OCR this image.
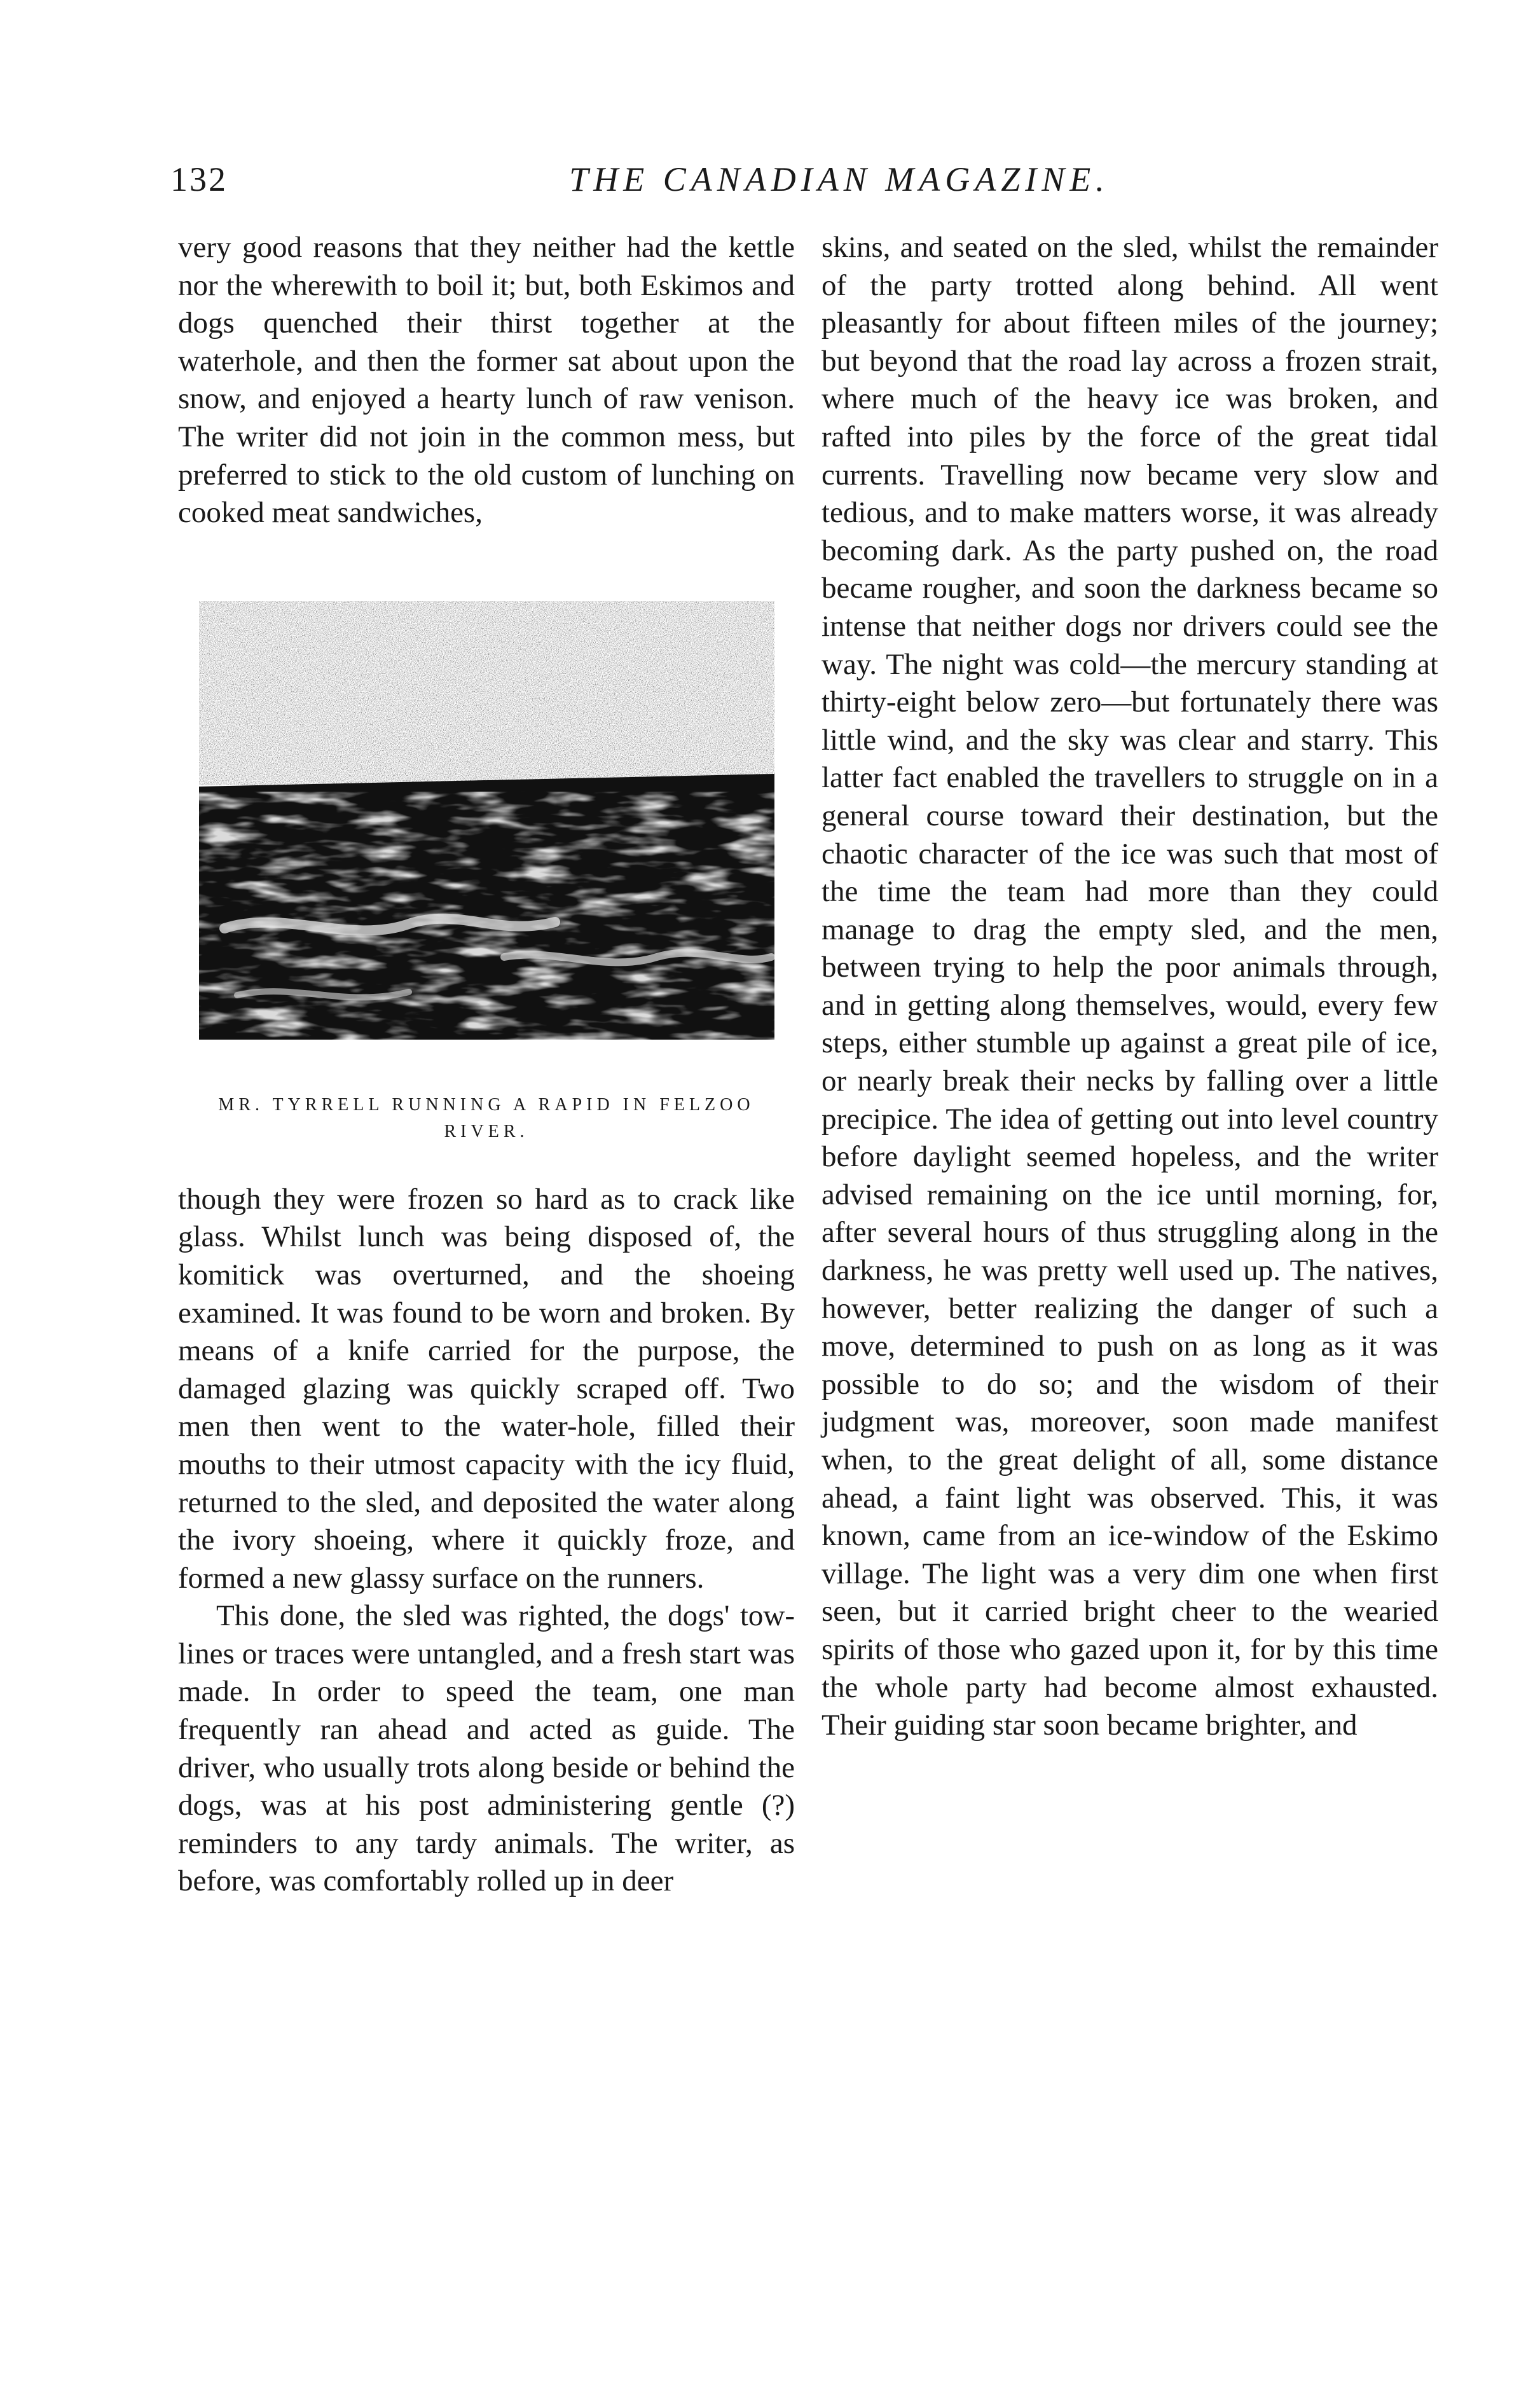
132	THE CANADIAN MAGAZINE.

very good reasons that they neither had the kettle nor the wherewith to boil it; but, both Eskimos and dogs quenched their thirst together at the waterhole, and then the former sat about upon the snow, and enjoyed a hearty lunch of raw venison. The writer did not join in the common mess, but preferred to stick to the old custom of lunching on cooked meat sandwiches,

MR. TYRRELL RUNNING A RAPID IN FELZOO RIVER.

though they were frozen so hard as to crack like glass. Whilst lunch was being disposed of, the komitick was overturned, and the shoeing examined. It was found to be worn and broken. By means of a knife carried for the purpose, the damaged glazing was quickly scraped off. Two men then went to the water-hole, filled their mouths to their utmost capacity with the icy fluid, returned to the sled, and deposited the water along the ivory shoeing, where it quickly froze, and formed a new glassy surface on the runners.

This done, the sled was righted, the dogs' tow-lines or traces were untangled, and a fresh start was made. In order to speed the team, one man frequently ran ahead and acted as guide. The driver, who usually trots along beside or behind the dogs, was at his post administering gentle (?) reminders to any tardy animals. The writer, as before, was comfortably rolled up in deer

skins, and seated on the sled, whilst the remainder of the party trotted along behind. All went pleasantly for about fifteen miles of the journey; but beyond that the road lay across a frozen strait, where much of the heavy ice was broken, and rafted into piles by the force of the great tidal currents. Travelling now became very slow and tedious, and to make matters worse, it was already becoming dark. As the party pushed on, the road became rougher, and soon the darkness became so intense that neither dogs nor drivers could see the way. The night was cold—the mercury standing at thirty-eight below zero—but fortunately there was little wind, and the sky was clear and starry. This latter fact enabled the travellers to struggle on in a general course toward their destination, but the chaotic character of the ice was such that most of the time the team had more than they could manage to drag the empty sled, and the men, between trying to help the poor animals through, and in getting along themselves, would, every few steps, either stumble up against a great pile of ice, or nearly break their necks by falling over a little precipice. The idea of getting out into level country before daylight seemed hopeless, and the writer advised remaining on the ice until morning, for, after several hours of thus struggling along in the darkness, he was pretty well used up. The natives, however, better realizing the danger of such a move, determined to push on as long as it was possible to do so; and the wisdom of their judgment was, moreover, soon made manifest when, to the great delight of all, some distance ahead, a faint light was observed. This, it was known, came from an ice-window of the Eskimo village. The light was a very dim one when first seen, but it carried bright cheer to the wearied spirits of those who gazed upon it, for by this time the whole party had become almost exhausted. Their guiding star soon became brighter, and
